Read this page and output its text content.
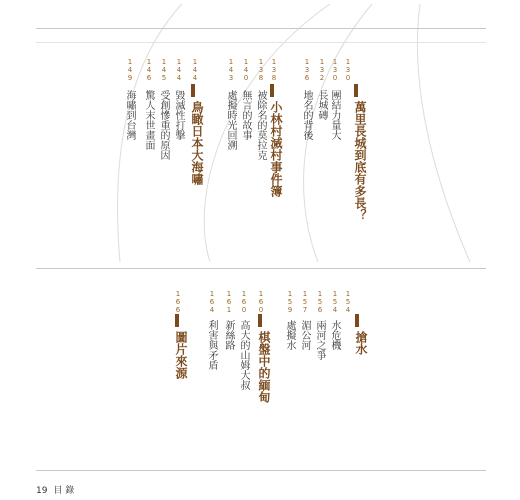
130
萬里長城到底有多長？
130
團結力量大
132
長城磚
136
地名的背後
138
小林村滅村事件簿
138
被除名的莫拉克
140
無言的故事
143
處擬時光回溯
144
鳥瞰日本大海嘯
144
毀滅性打擊
145
受創慘重的原因
146
驚人末世畫面
149
海嘯到台灣
154
搶水
154
水危機
156
兩河之爭
157
湄公河
159
處擬水
160
棋盤中的緬甸
160
高大的山姆大叔
161
新絲路
164
利害與矛盾
166
圖片來源
19 目 錄
